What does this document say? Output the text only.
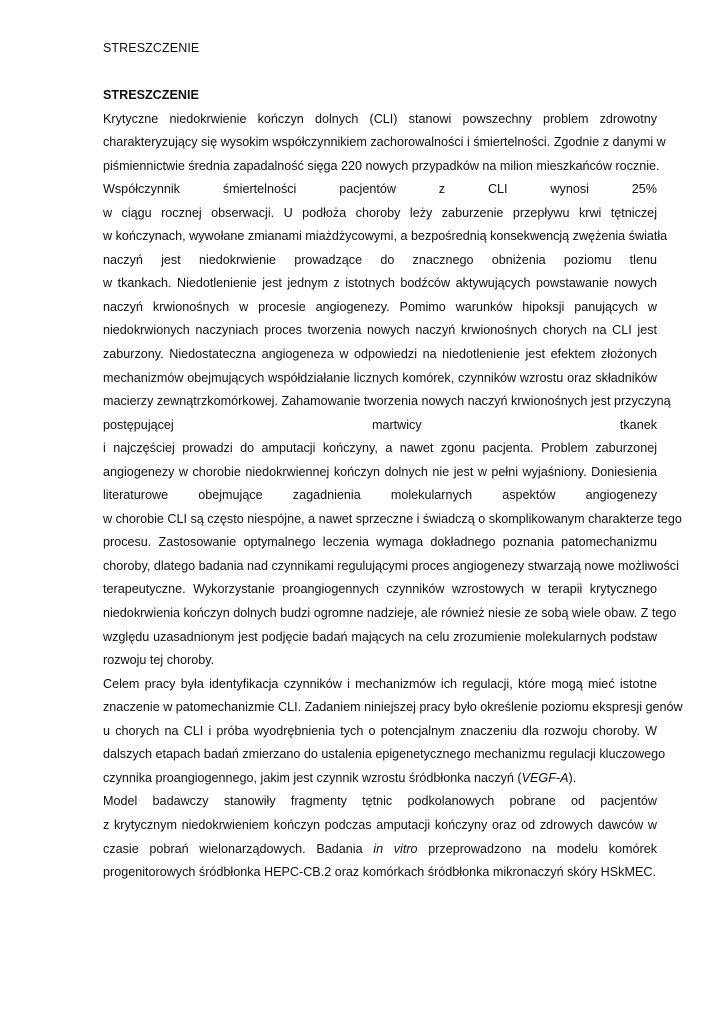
STRESZCZENIE
STRESZCZENIE
Krytyczne niedokrwienie kończyn dolnych (CLI) stanowi powszechny problem zdrowotny
charakteryzujący się wysokim współczynnikiem zachorowalności i śmiertelności. Zgodnie z danymi w
piśmiennictwie średnia zapadalność sięga 220 nowych przypadków na milion mieszkańców rocznie.
Współczynnik śmiertelności pacjentów z CLI wynosi 25%
w ciągu rocznej obserwacji. U podłoża choroby leży zaburzenie przepływu krwi tętniczej
w kończynach, wywołane zmianami miażdżycowymi, a bezpośrednią konsekwencją zwężenia światła
naczyń jest niedokrwienie prowadzące do znacznego obniżenia poziomu tlenu
w tkankach. Niedotlenienie jest jednym z istotnych bodźców aktywujących powstawanie nowych
naczyń krwionośnych w procesie angiogenezy. Pomimo warunków hipoksji panujących w
niedokrwionych naczyniach proces tworzenia nowych naczyń krwionośnych chorych na CLI jest
zaburzony. Niedostateczna angiogeneza w odpowiedzi na niedotlenienie jest efektem złożonych
mechanizmów obejmujących współdziałanie licznych komórek, czynników wzrostu oraz składników
macierzy zewnątrzkomórkowej. Zahamowanie tworzenia nowych naczyń krwionośnych jest przyczyną
postępującej martwicy tkanek
i najczęściej prowadzi do amputacji kończyny, a nawet zgonu pacjenta. Problem zaburzonej
angiogenezy w chorobie niedokrwiennej kończyn dolnych nie jest w pełni wyjaśniony. Doniesienia
literaturowe obejmujące zagadnienia molekularnych aspektów angiogenezy
w chorobie CLI są często niespójne, a nawet sprzeczne i świadczą o skomplikowanym charakterze tego
procesu. Zastosowanie optymalnego leczenia wymaga dokładnego poznania patomechanizmu
choroby, dlatego badania nad czynnikami regulującymi proces angiogenezy stwarzają nowe możliwości
terapeutyczne. Wykorzystanie proangiogennych czynników wzrostowych w terapii krytycznego
niedokrwienia kończyn dolnych budzi ogromne nadzieje, ale również niesie ze sobą wiele obaw. Z tego
względu uzasadnionym jest podjęcie badań mających na celu zrozumienie molekularnych podstaw
rozwoju tej choroby.
Celem pracy była identyfikacja czynników i mechanizmów ich regulacji, które mogą mieć istotne
znaczenie w patomechanizmie CLI. Zadaniem niniejszej pracy było określenie poziomu ekspresji genów
u chorych na CLI i próba wyodrębnienia tych o potencjalnym znaczeniu dla rozwoju choroby. W
dalszych etapach badań zmierzano do ustalenia epigenetycznego mechanizmu regulacji kluczowego
czynnika proangiogennego, jakim jest czynnik wzrostu śródbłonka naczyń (VEGF-A).
Model badawczy stanowiły fragmenty tętnic podkolanowych pobrane od pacjentów
z krytycznym niedokrwieniem kończyn podczas amputacji kończyny oraz od zdrowych dawców w
czasie pobrań wielonarządowych. Badania in vitro przeprowadzono na modelu komórek
progenitorowych śródbłonka HEPC-CB.2 oraz komórkach śródbłonka mikronaczyń skóry HSkMEC.
